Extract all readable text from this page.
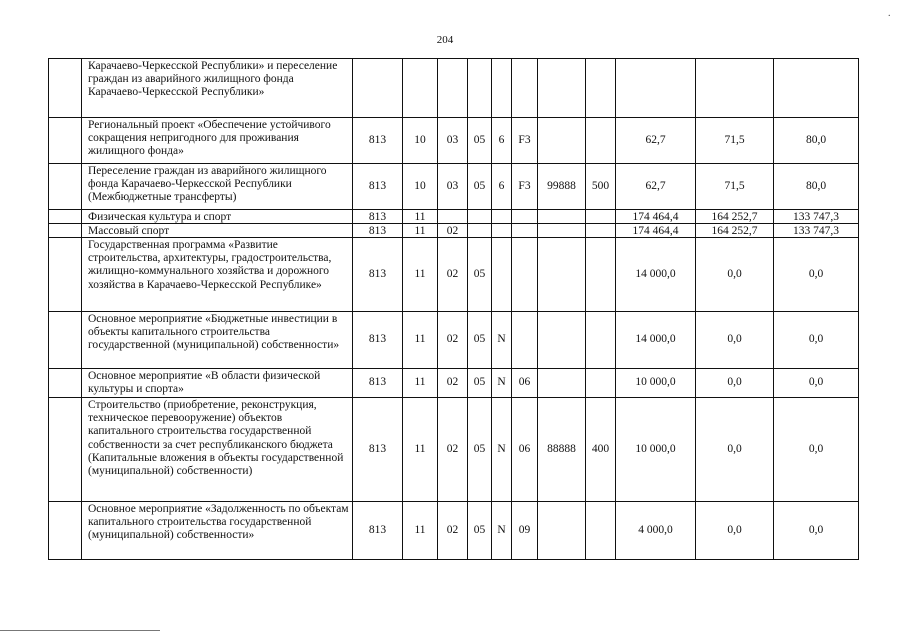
204
.
	Карачаево-Черкесской Республики» и переселение граждан из аварийного жилищного фонда Карачаево-Черкесской Республики»											
	Региональный проект «Обеспечение устойчивого сокращения непригодного для проживания жилищного фонда»	813	10	03	05	6	F3			62,7	71,5	80,0
	Переселение граждан из аварийного жилищного фонда Карачаево-Черкесской Республики (Межбюджетные трансферты)	813	10	03	05	6	F3	99888	500	62,7	71,5	80,0
	Физическая культура и спорт	813	11							174 464,4	164 252,7	133 747,3
	Массовый спорт	813	11	02						174 464,4	164 252,7	133 747,3
	Государственная программа «Развитие строительства, архитектуры, градостроительства, жилищно-коммунального хозяйства и дорожного хозяйства в Карачаево-Черкесской Республике»	813	11	02	05					14 000,0	0,0	0,0
	Основное мероприятие «Бюджетные инвестиции в объекты капитального строительства государственной (муниципальной) собственности»	813	11	02	05	N				14 000,0	0,0	0,0
	Основное мероприятие «В области физической культуры и спорта»	813	11	02	05	N	06			10 000,0	0,0	0,0
	Строительство (приобретение, реконструкция, техническое перевооружение) объектов капитального строительства государственной собственности за счет республиканского бюджета (Капитальные вложения в объекты государственной (муниципальной) собственности)	813	11	02	05	N	06	88888	400	10 000,0	0,0	0,0
	Основное мероприятие «Задолженность по объектам капитального строительства государственной (муниципальной) собственности»	813	11	02	05	N	09			4 000,0	0,0	0,0
